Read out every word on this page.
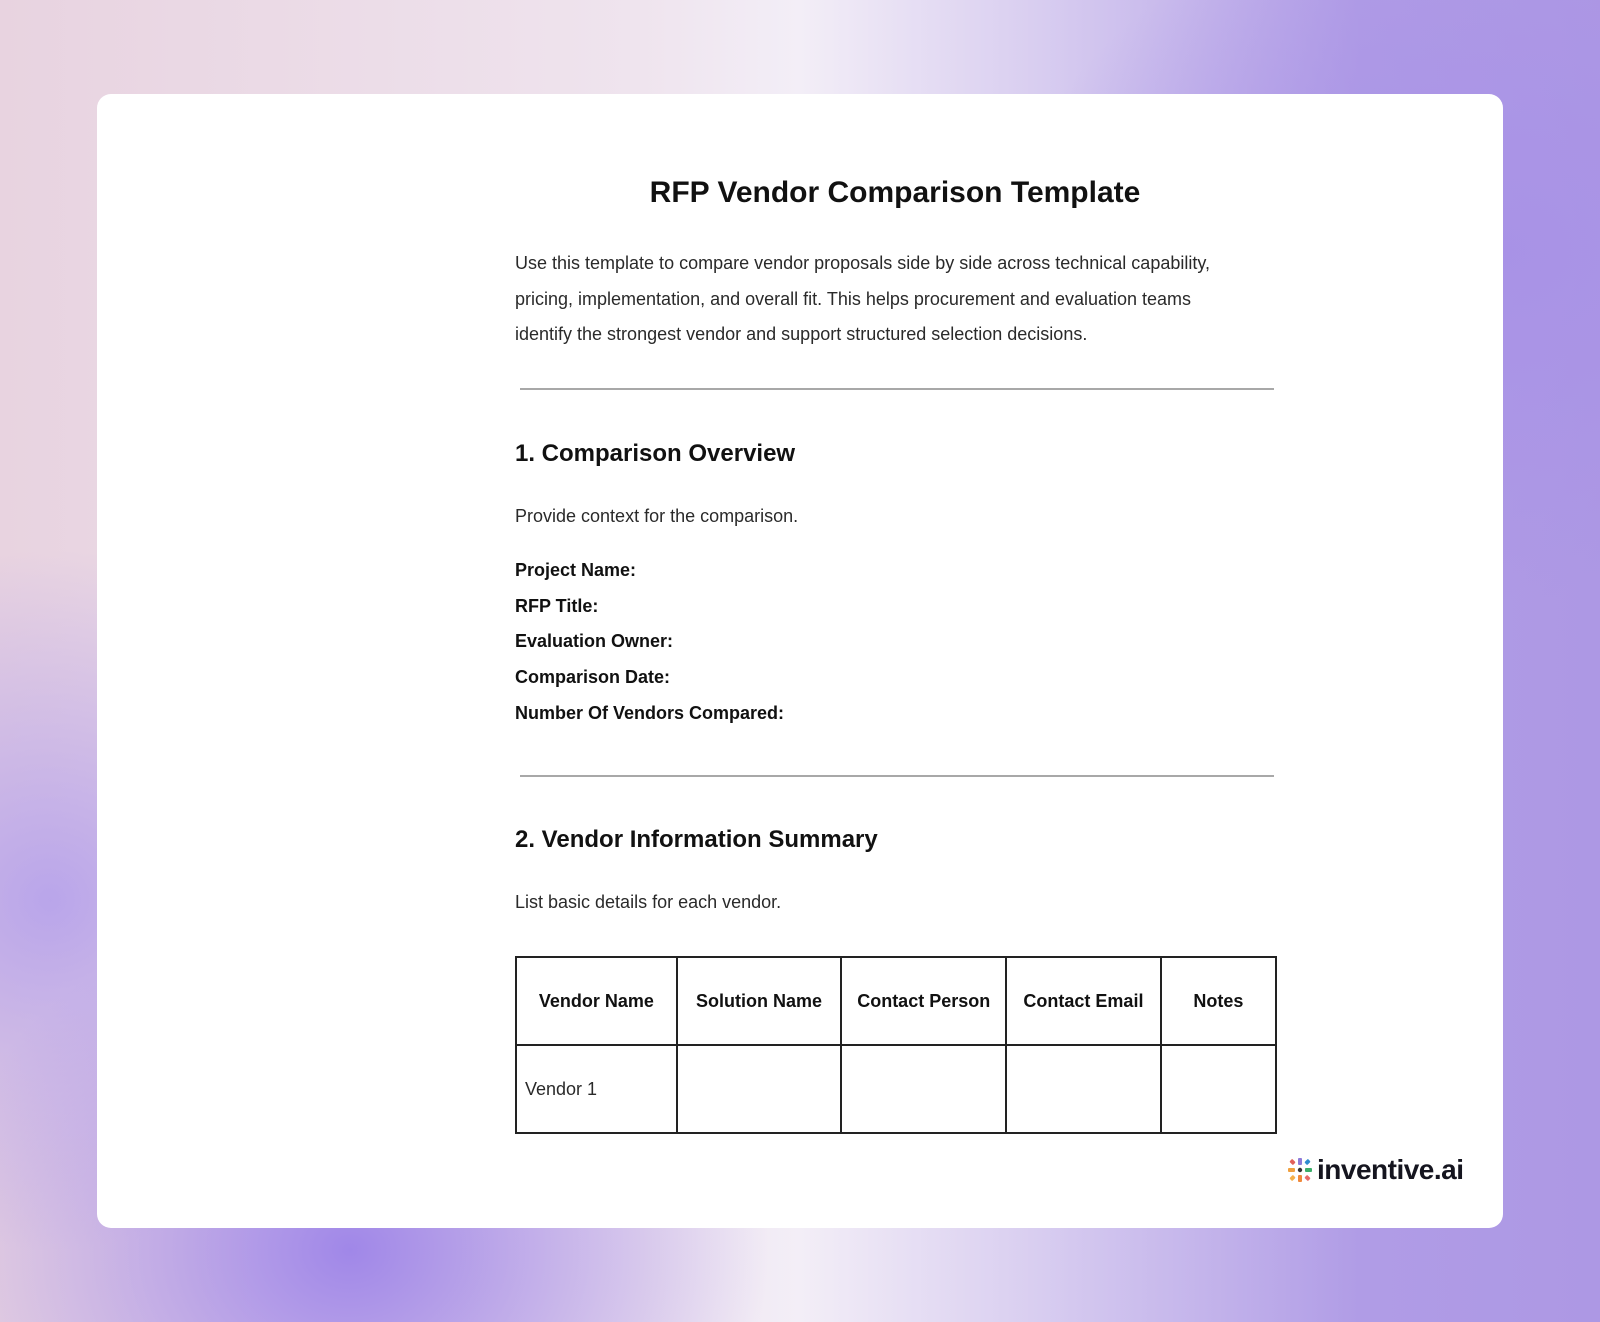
RFP Vendor Comparison Template
Use this template to compare vendor proposals side by side across technical capability,
pricing, implementation, and overall fit. This helps procurement and evaluation teams
identify the strongest vendor and support structured selection decisions.
1. Comparison Overview
Provide context for the comparison.
Project Name:
RFP Title:
Evaluation Owner:
Comparison Date:
Number Of Vendors Compared:
2. Vendor Information Summary
List basic details for each vendor.
Vendor Name	Solution Name	Contact Person	Contact Email	Notes
Vendor 1				
inventive.ai
